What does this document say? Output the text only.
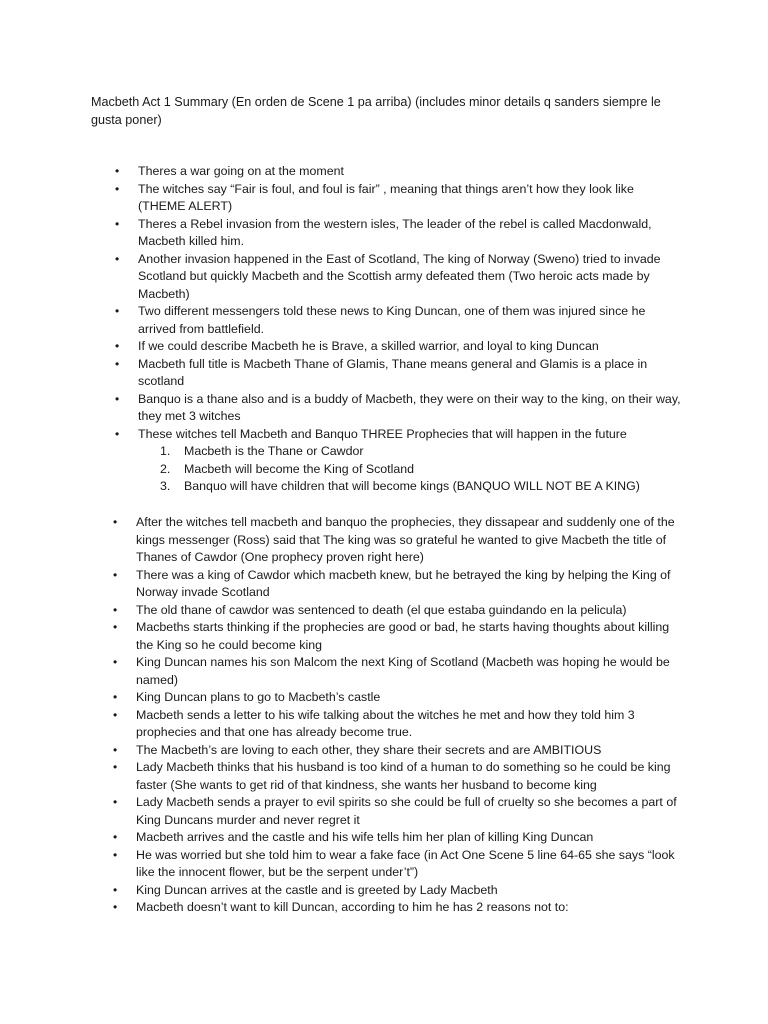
Macbeth Act 1 Summary (En orden de Scene 1 pa arriba) (includes minor details q sanders siempre le gusta poner)
• Theres a war going on at the moment
• The witches say “Fair is foul, and foul is fair” , meaning that things aren’t how they look like (THEME ALERT)
• Theres a Rebel invasion from the western isles, The leader of the rebel is called Macdonwald, Macbeth killed him.
• Another invasion happened in the East of Scotland, The king of Norway (Sweno) tried to invade Scotland but quickly Macbeth and the Scottish army defeated them (Two heroic acts made by Macbeth)
• Two different messengers told these news to King Duncan, one of them was injured since he arrived from battlefield.
• If we could describe Macbeth he is Brave, a skilled warrior, and loyal to king Duncan
• Macbeth full title is Macbeth Thane of Glamis, Thane means general and Glamis is a place in scotland
• Banquo is a thane also and is a buddy of Macbeth, they were on their way to the king, on their way, they met 3 witches
• These witches tell Macbeth and Banquo THREE Prophecies that will happen in the future
1. Macbeth is the Thane or Cawdor
2. Macbeth will become the King of Scotland
3. Banquo will have children that will become kings (BANQUO WILL NOT BE A KING)
• After the witches tell macbeth and banquo the prophecies, they dissapear and suddenly one of the kings messenger (Ross) said that The king was so grateful he wanted to give Macbeth the title of Thanes of Cawdor (One prophecy proven right here)
• There was a king of Cawdor which macbeth knew, but he betrayed the king by helping the King of Norway invade Scotland
• The old thane of cawdor was sentenced to death (el que estaba guindando en la pelicula)
• Macbeths starts thinking if the prophecies are good or bad, he starts having thoughts about killing the King so he could become king
• King Duncan names his son Malcom the next King of Scotland (Macbeth was hoping he would be named)
• King Duncan plans to go to Macbeth’s castle
• Macbeth sends a letter to his wife talking about the witches he met and how they told him 3 prophecies and that one has already become true.
• The Macbeth’s are loving to each other, they share their secrets and are AMBITIOUS
• Lady Macbeth thinks that his husband is too kind of a human to do something so he could be king faster (She wants to get rid of that kindness, she wants her husband to become king
• Lady Macbeth sends a prayer to evil spirits so she could be full of cruelty so she becomes a part of King Duncans murder and never regret it
• Macbeth arrives and the castle and his wife tells him her plan of killing King Duncan
• He was worried but she told him to wear a fake face (in Act One Scene 5 line 64-65 she says “look like the innocent flower, but be the serpent under’t”)
• King Duncan arrives at the castle and is greeted by Lady Macbeth
• Macbeth doesn’t want to kill Duncan, according to him he has 2 reasons not to:
